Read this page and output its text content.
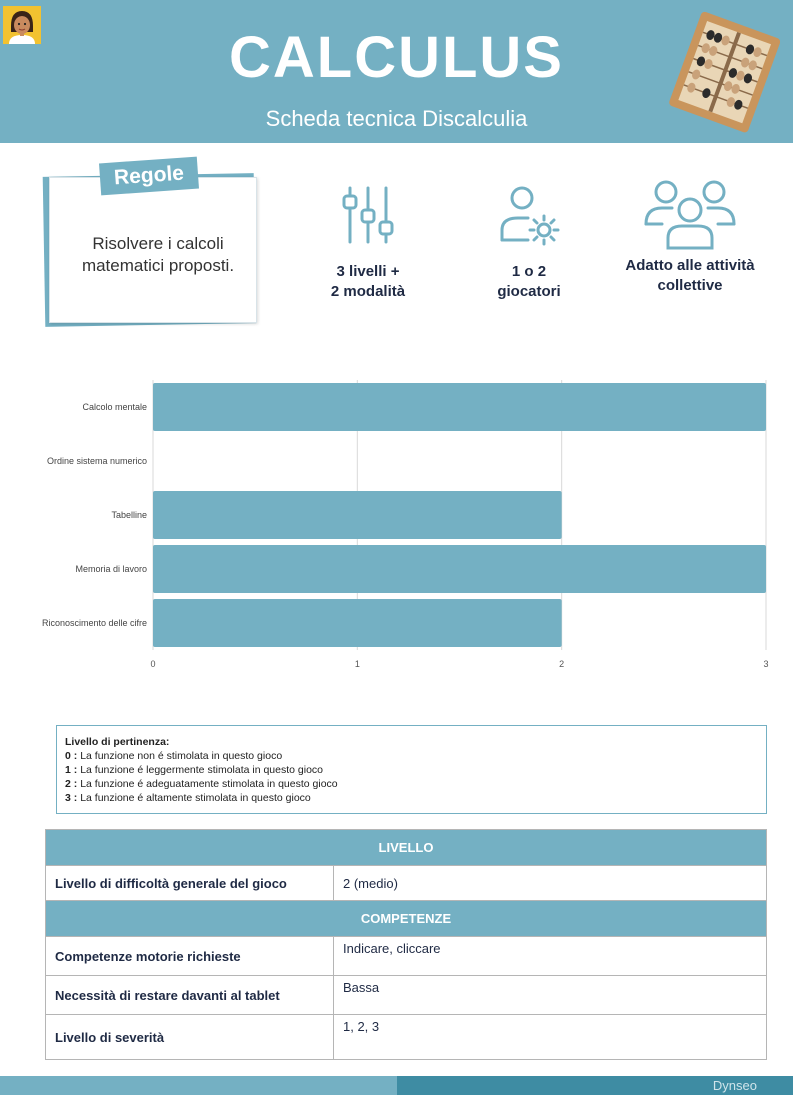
CALCULUS
Scheda tecnica Discalculia
Risolvere i calcoli matematici proposti.
Regole
3 livelli +
2 modalità
1 o 2
giocatori
Adatto alle attività
collettive
0	1	2	3
Calcolo mentale
Ordine sistema numerico
Tabelline
Memoria di lavoro
Riconoscimento delle cifre
Livello di pertinenza:
0 : La funzione non é stimolata in questo gioco
1 : La funzione é leggermente stimolata in questo gioco
2 : La funzione é adeguatamente stimolata in questo gioco
3 : La funzione é altamente stimolata in questo gioco
LIVELLO	
Livello di difficoltà generale del gioco	2 (medio)
COMPETENZE	
Competenze motorie richieste	Indicare, cliccare
Necessità di restare davanti al tablet	Bassa
Livello di severità	1, 2, 3
Dynseo
